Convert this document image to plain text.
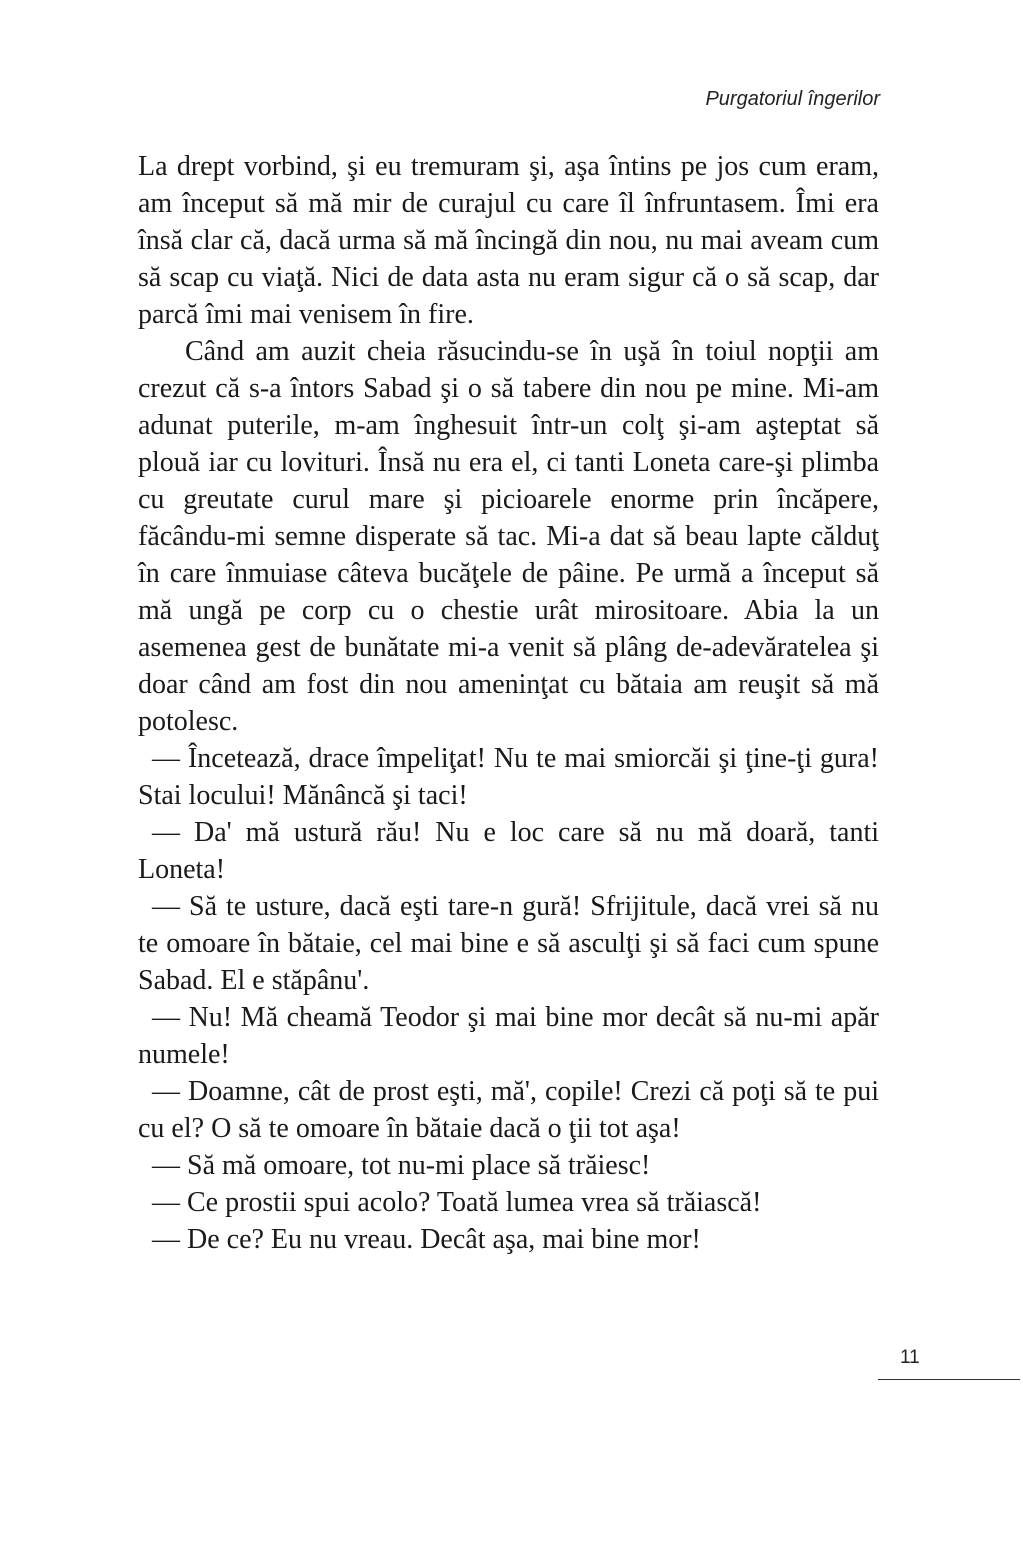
Purgatoriul îngerilor

La drept vorbind, şi eu tremuram şi, aşa întins pe jos cum eram, am început să mă mir de curajul cu care îl înfruntasem. Îmi era însă clar că, dacă urma să mă încingă din nou, nu mai aveam cum să scap cu viaţă. Nici de data asta nu eram sigur că o să scap, dar parcă îmi mai venisem în fire.

Când am auzit cheia răsucindu-se în uşă în toiul nopţii am crezut că s-a întors Sabad şi o să tabere din nou pe mine. Mi-am adunat puterile, m-am înghesuit într-un colţ şi-am aşteptat să plouă iar cu lovituri. Însă nu era el, ci tanti Loneta care-şi plimba cu greutate curul mare şi picioarele enorme prin încăpere, făcându-mi semne disperate să tac. Mi-a dat să beau lapte călduţ în care înmuiase câteva bucăţele de pâine. Pe urmă a început să mă ungă pe corp cu o chestie urât mirositoare. Abia la un asemenea gest de bunătate mi-a venit să plâng de-adevăratelea şi doar când am fost din nou ameninţat cu bătaia am reuşit să mă potolesc.

— Încetează, drace împeliţat! Nu te mai smiorcăi şi ţine-ţi gura! Stai locului! Mănâncă şi taci!

— Da' mă ustură rău! Nu e loc care să nu mă doară, tanti Loneta!

— Să te usture, dacă eşti tare-n gură! Sfrijitule, dacă vrei să nu te omoare în bătaie, cel mai bine e să asculţi şi să faci cum spune Sabad. El e stăpânu'.

— Nu! Mă cheamă Teodor şi mai bine mor decât să nu-mi apăr numele!

— Doamne, cât de prost eşti, mă', copile! Crezi că poţi să te pui cu el? O să te omoare în bătaie dacă o ţii tot aşa!

— Să mă omoare, tot nu-mi place să trăiesc!

— Ce prostii spui acolo? Toată lumea vrea să trăiască!

— De ce? Eu nu vreau. Decât aşa, mai bine mor!

11
